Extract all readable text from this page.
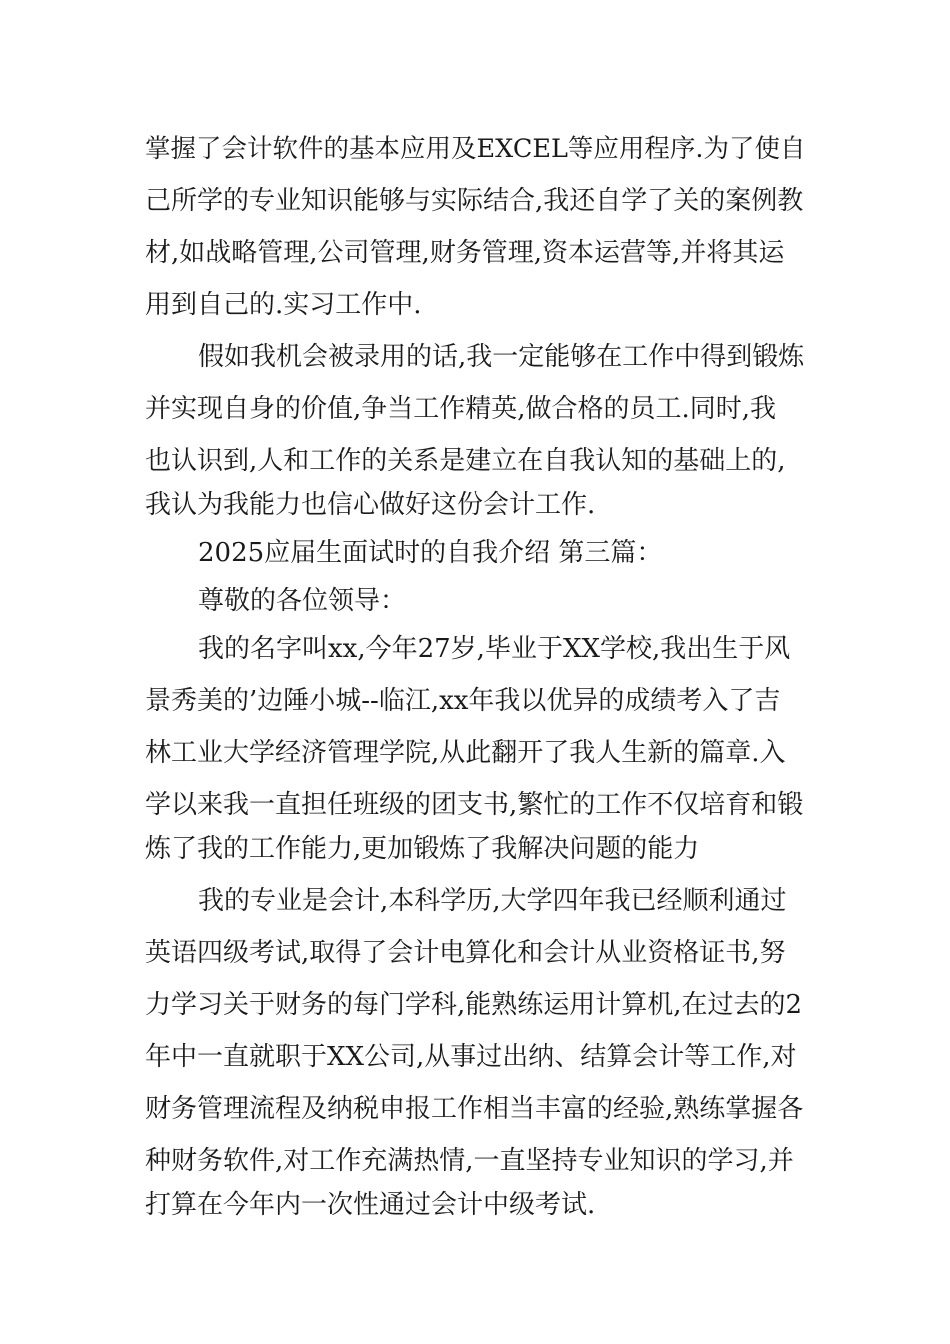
掌握了会计软件的基本应用及EXCEL等应用程序.为了使自
己所学的专业知识能够与实际结合,我还自学了关的案例教
材,如战略管理,公司管理,财务管理,资本运营等,并将其运
用到自己的.实习工作中.
假如我机会被录用的话,我一定能够在工作中得到锻炼
并实现自身的价值,争当工作精英,做合格的员工.同时,我
也认识到,人和工作的关系是建立在自我认知的基础上的,
我认为我能力也信心做好这份会计工作.
2025应届生面试时的自我介绍 第三篇：
尊敬的各位领导：
我的名字叫xx,今年27岁,毕业于XX学校,我出生于风
景秀美的’边陲小城--临江,xx年我以优异的成绩考入了吉
林工业大学经济管理学院,从此翻开了我人生新的篇章.入
学以来我一直担任班级的团支书,繁忙的工作不仅培育和锻
炼了我的工作能力,更加锻炼了我解决问题的能力
我的专业是会计,本科学历,大学四年我已经顺利通过
英语四级考试,取得了会计电算化和会计从业资格证书,努
力学习关于财务的每门学科,能熟练运用计算机,在过去的2
年中一直就职于XX公司,从事过出纳、结算会计等工作,对
财务管理流程及纳税申报工作相当丰富的经验,熟练掌握各
种财务软件,对工作充满热情,一直坚持专业知识的学习,并
打算在今年内一次性通过会计中级考试.
